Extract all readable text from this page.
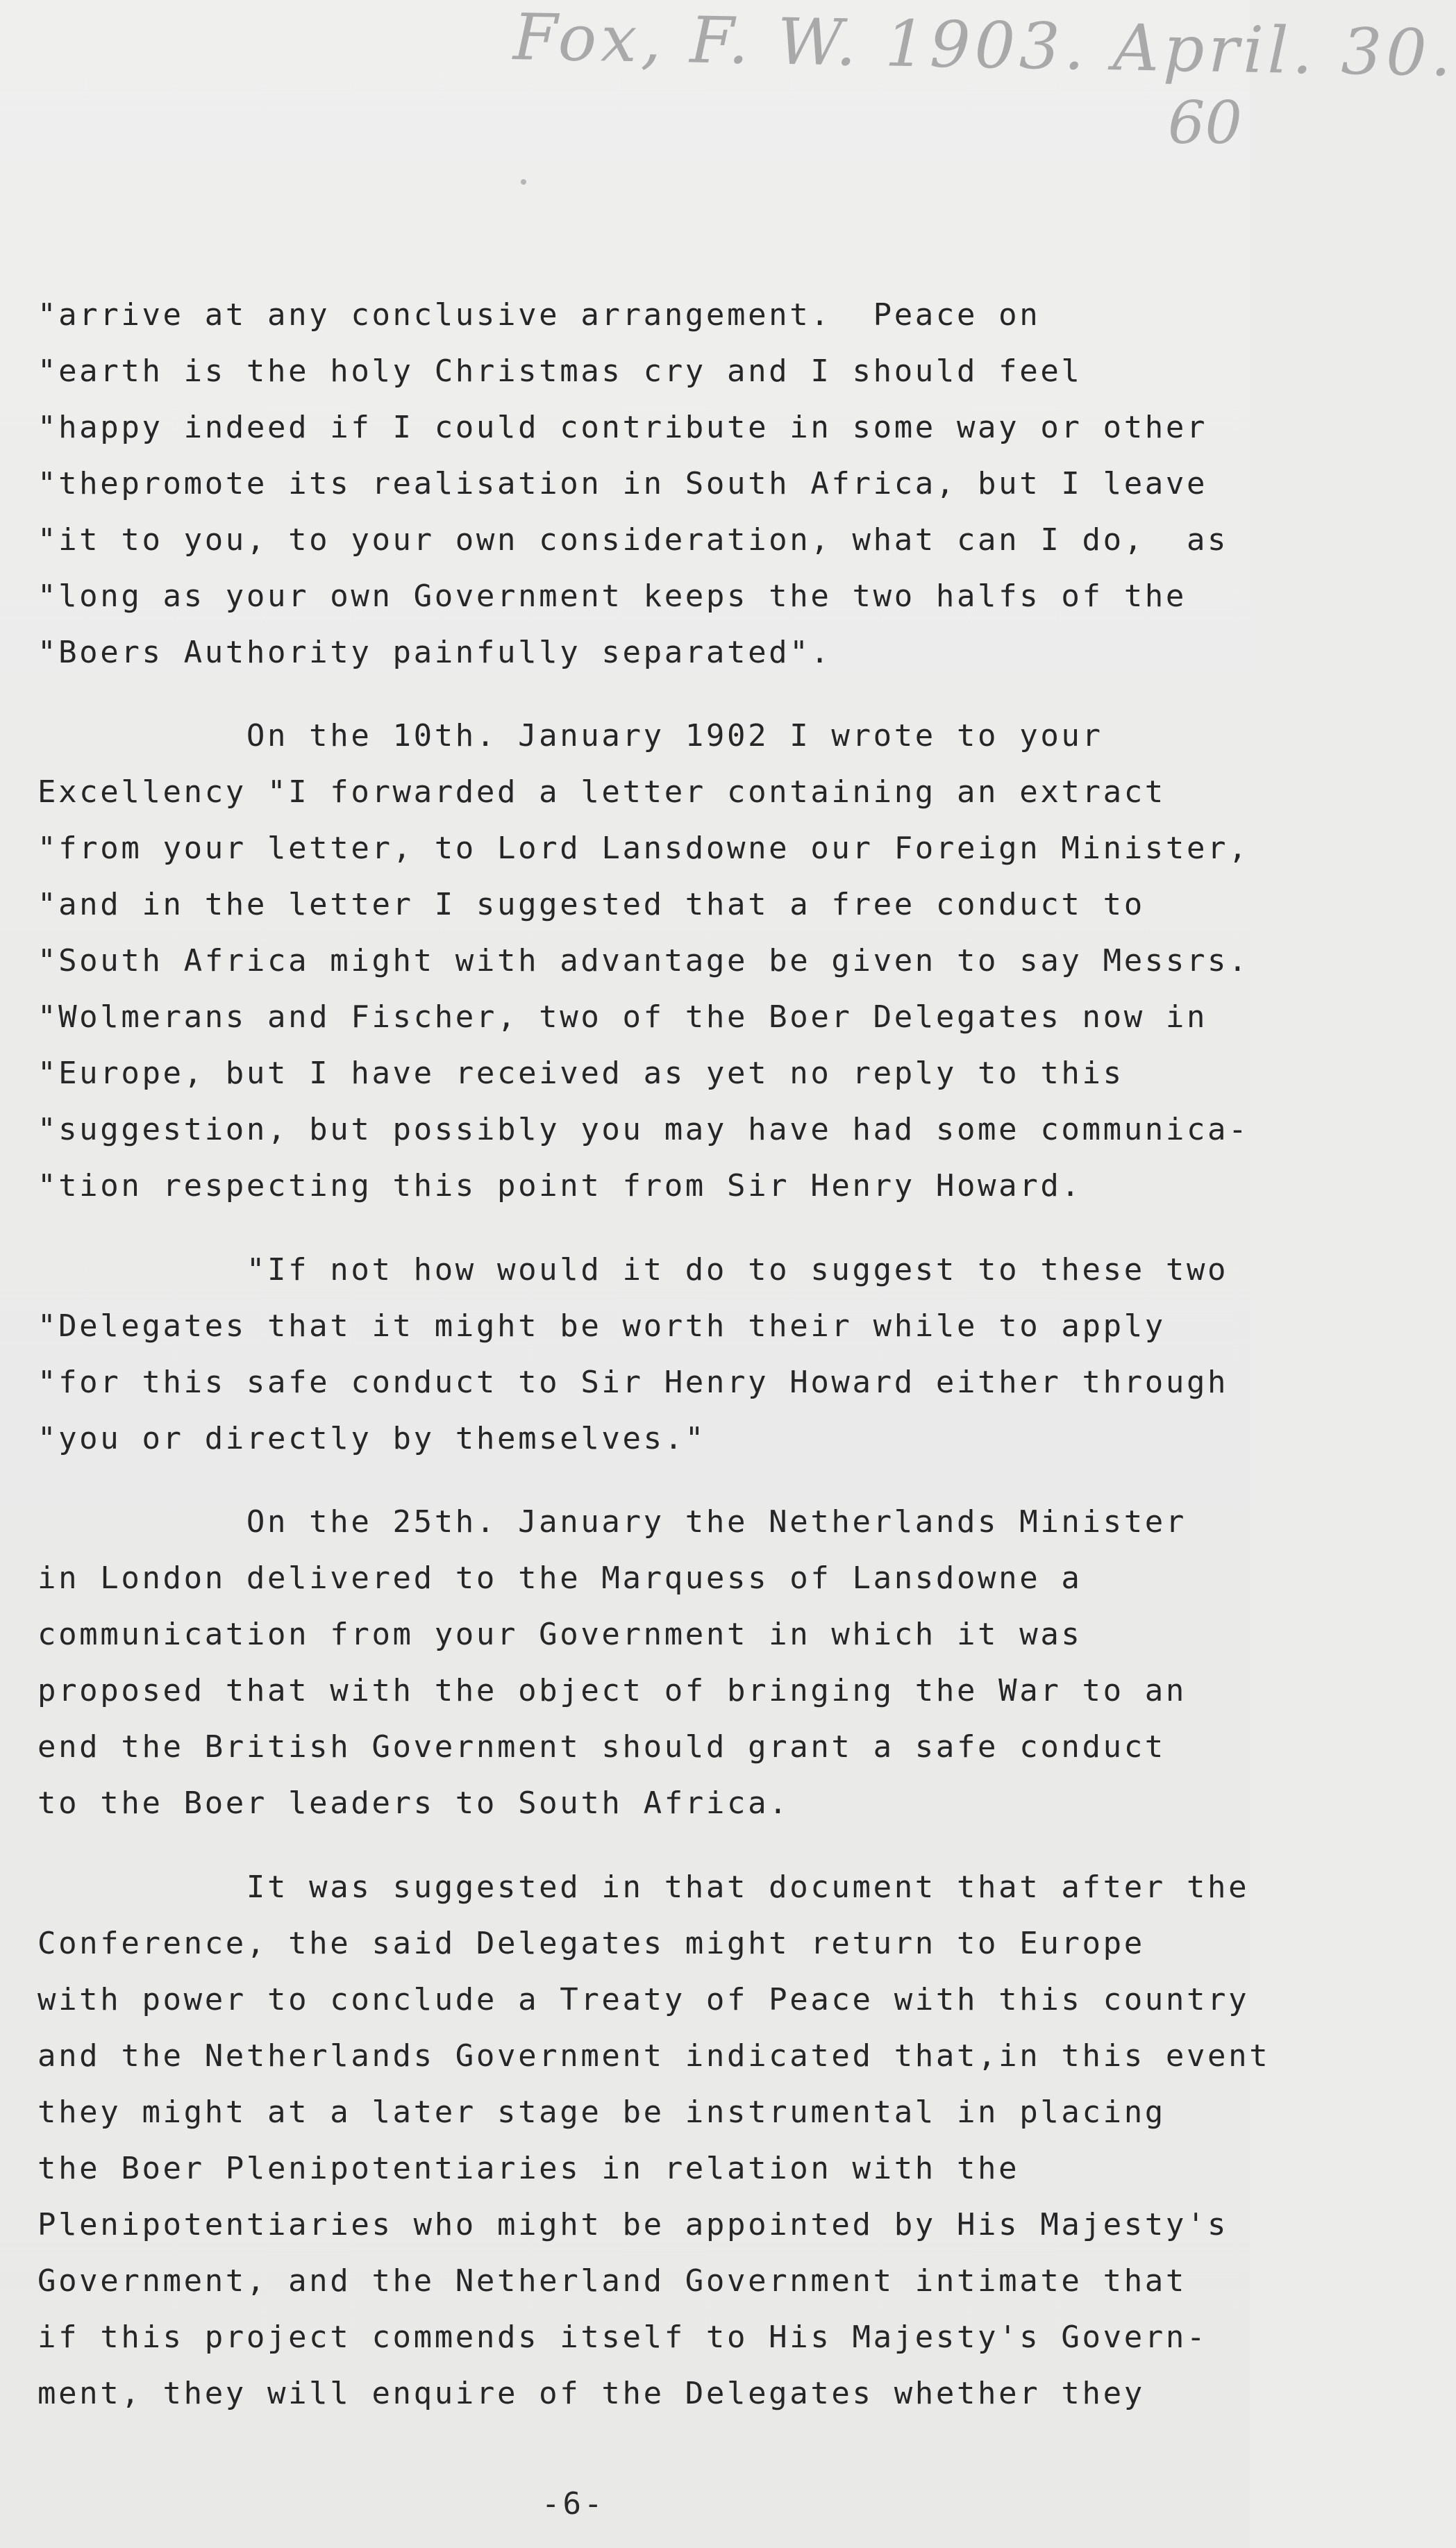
Fox, F. W. 1903. April. 30.
60
"arrive at any conclusive arrangement.  Peace on
"earth is the holy Christmas cry and I should feel
"happy indeed if I could contribute in some way or other
"thepromote its realisation in South Africa, but I leave
"it to you, to your own consideration, what can I do,  as
"long as your own Government keeps the two halfs of the
"Boers Authority painfully separated".
On the 10th. January 1902 I wrote to your
Excellency "I forwarded a letter containing an extract
"from your letter, to Lord Lansdowne our Foreign Minister,
"and in the letter I suggested that a free conduct to
"South Africa might with advantage be given to say Messrs.
"Wolmerans and Fischer, two of the Boer Delegates now in
"Europe, but I have received as yet no reply to this
"suggestion, but possibly you may have had some communica-
"tion respecting this point from Sir Henry Howard.
"If not how would it do to suggest to these two
"Delegates that it might be worth their while to apply
"for this safe conduct to Sir Henry Howard either through
"you or directly by themselves."
On the 25th. January the Netherlands Minister
in London delivered to the Marquess of Lansdowne a
communication from your Government in which it was
proposed that with the object of bringing the War to an
end the British Government should grant a safe conduct
to the Boer leaders to South Africa.
It was suggested in that document that after the
Conference, the said Delegates might return to Europe
with power to conclude a Treaty of Peace with this country
and the Netherlands Government indicated that,in this event
they might at a later stage be instrumental in placing
the Boer Plenipotentiaries in relation with the
Plenipotentiaries who might be appointed by His Majesty's
Government, and the Netherland Government intimate that
if this project commends itself to His Majesty's Govern-
ment, they will enquire of the Delegates whether they
-6-
